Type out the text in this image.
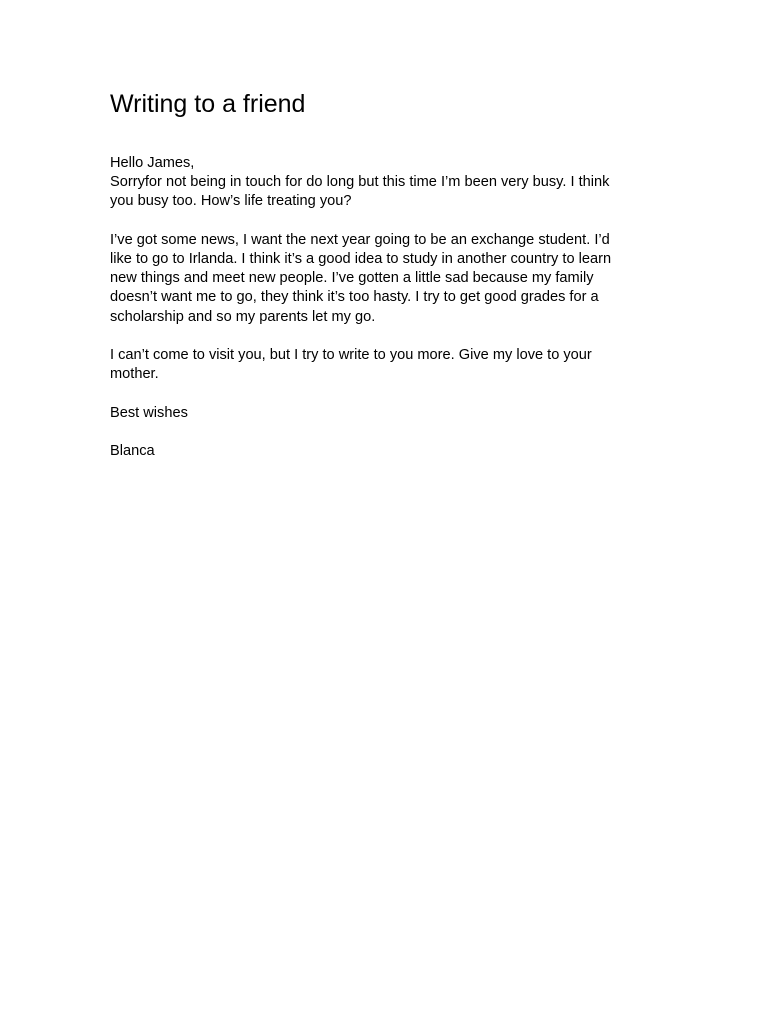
Writing to a friend
Hello James,
Sorryfor not being in touch for do long but this time I’m been very busy. I think
you busy too. How’s life treating you?
I’ve got some news, I want the next year going to be an exchange student. I’d
like to go to Irlanda. I think it’s a good idea to study in another country to learn
new things and meet new people. I’ve gotten a little sad because my family
doesn’t want me to go, they think it’s too hasty. I try to get good grades for a
scholarship and so my parents let my go.
I can’t come to visit you, but I try to write to you more. Give my love to your
mother.
Best wishes
Blanca
